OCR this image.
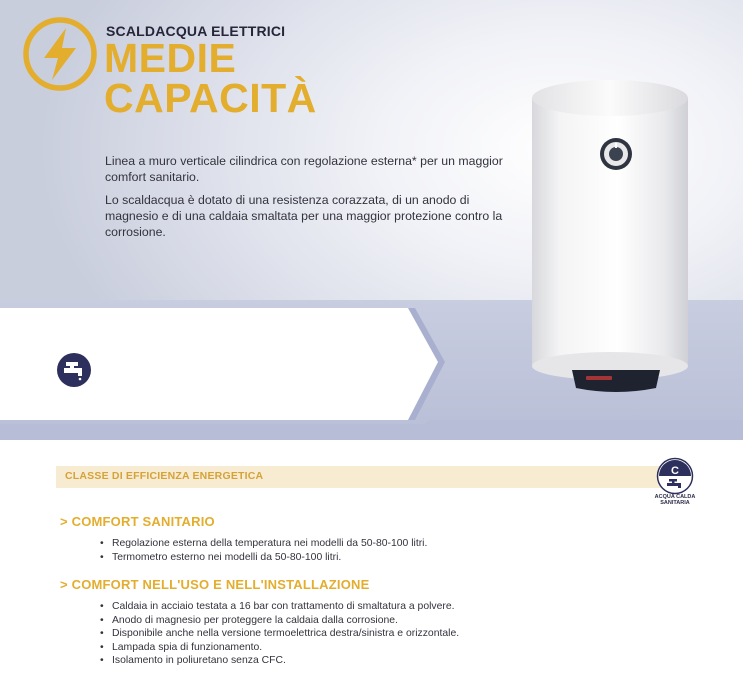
SCALDACQUA ELETTRICI
MEDIE
CAPACITÀ

Linea a muro verticale cilindrica con regolazione esterna* per un maggior comfort sanitario.

Lo scaldacqua è dotato di una resistenza corazzata, di un anodo di magnesio e di una caldaia smaltata per una maggior protezione contro la corrosione.

CLASSE DI EFFICIENZA ENERGETICA	C
ACQUA CALDA
SANITARIA
> COMFORT SANITARIO
• Regolazione esterna della temperatura nei modelli da 50-80-100 litri.
• Termometro esterno nei modelli da 50-80-100 litri.
> COMFORT NELL'USO E NELL'INSTALLAZIONE
• Caldaia in acciaio testata a 16 bar con trattamento di smaltatura a polvere.
• Anodo di magnesio per proteggere la caldaia dalla corrosione.
• Disponibile anche nella versione termoelettrica destra/sinistra e orizzontale.
• Lampada spia di funzionamento.
• Isolamento in poliuretano senza CFC.
